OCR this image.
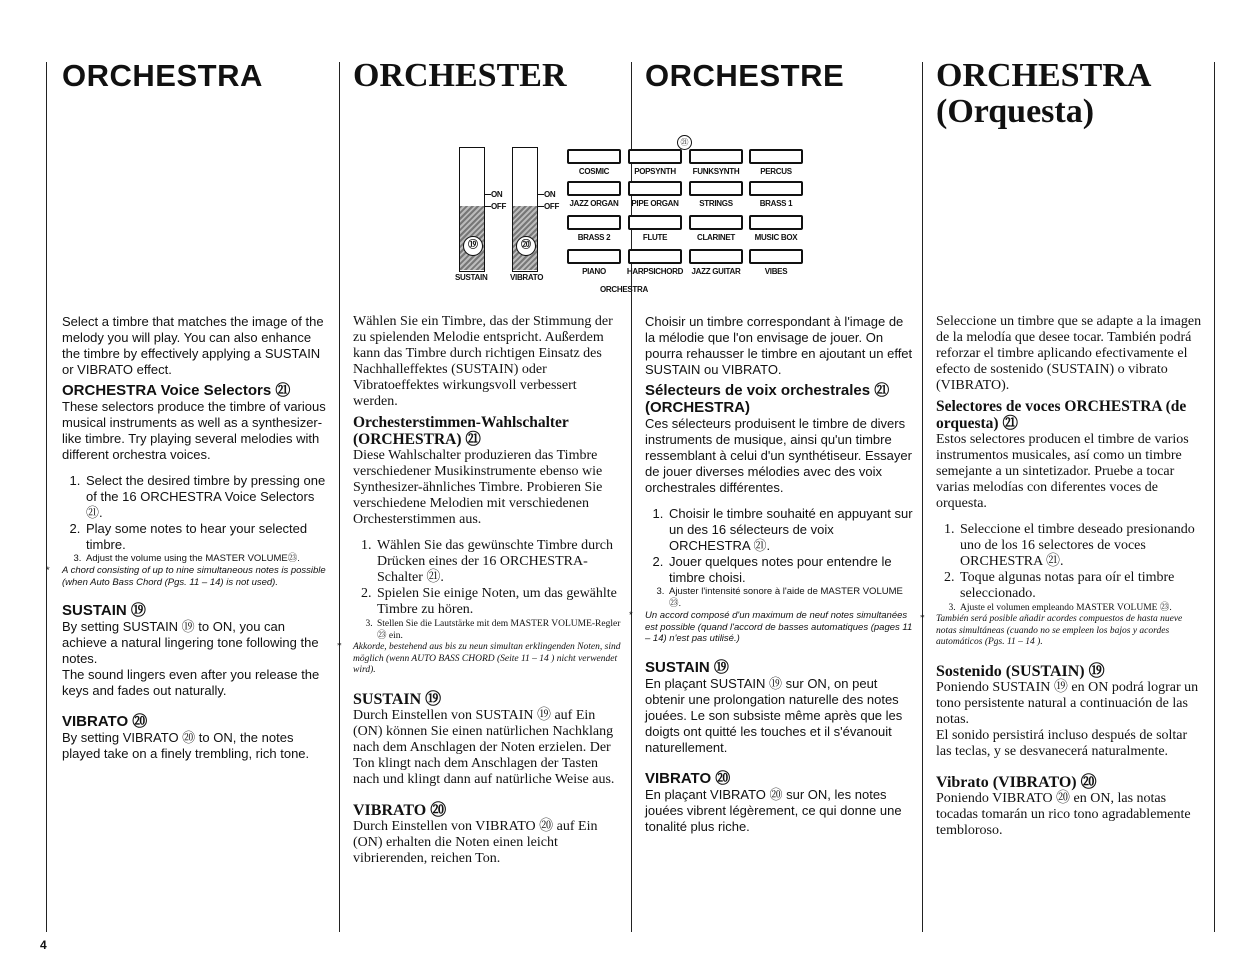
ORCHESTRA	ORCHESTER	ORCHESTRE	ORCHESTRA
(Orquesta)
㉑
⑲
ON
OFF
⑳
ON
OFF
SUSTAIN	VIBRATO
COSMIC	POPSYNTH	FUNKSYNTH	PERCUS
JAZZ ORGAN	PIPE ORGAN	STRINGS	BRASS 1
BRASS 2	FLUTE	CLARINET	MUSIC BOX
PIANO	HARPSICHORD	JAZZ GUITAR	VIBES
ORCHESTRA

Select a timbre that matches the image of the melody you will play. You can also enhance the timbre by effectively applying a SUSTAIN or VIBRATO effect.

ORCHESTRA Voice Selectors ㉑

These selectors produce the timbre of various musical instruments as well as a synthesizer-like timbre. Try playing several melodies with different orchestra voices.

1. Select the desired timbre by pressing one of the 16 ORCHESTRA Voice Selectors ㉑.
2. Play some notes to hear your selected timbre.
3. Adjust the volume using the MASTER VOLUME㉓.

* A chord consisting of up to nine simultaneous notes is possible (when Auto Bass Chord (Pgs. 11 – 14) is not used).

SUSTAIN ⑲

By setting SUSTAIN ⑲ to ON, you can achieve a natural lingering tone following the notes.

The sound lingers even after you release the keys and fades out naturally.

VIBRATO ⑳

By setting VIBRATO ⑳ to ON, the notes played take on a finely trembling, rich tone.

Wählen Sie ein Timbre, das der Stimmung der zu spielenden Melodie entspricht. Außerdem kann das Timbre durch richtigen Einsatz des Nachhalleffektes (SUSTAIN) oder Vibratoeffektes wirkungsvoll verbessert werden.

Orchesterstimmen-Wahlschalter (ORCHESTRA) ㉑

Diese Wahlschalter produzieren das Timbre verschiedener Musikinstrumente ebenso wie Synthesizer-ähnliches Timbre. Probieren Sie verschiedene Melodien mit verschiedenen Orchesterstimmen aus.

1. Wählen Sie das gewünschte Timbre durch Drücken eines der 16 ORCHESTRA-Schalter ㉑.
2. Spielen Sie einige Noten, um das gewählte Timbre zu hören.
3. Stellen Sie die Lautstärke mit dem MASTER VOLUME-Regler ㉓ ein.

* Akkorde, bestehend aus bis zu neun simultan erklingenden Noten, sind möglich (wenn AUTO BASS CHORD (Seite 11 – 14 ) nicht verwendet wird).

SUSTAIN ⑲

Durch Einstellen von SUSTAIN ⑲ auf Ein (ON) können Sie einen natürlichen Nachklang nach dem Anschlagen der Noten erzielen. Der Ton klingt nach dem Anschlagen der Tasten nach und klingt dann auf natürliche Weise aus.

VIBRATO ⑳

Durch Einstellen von VIBRATO ⑳ auf Ein (ON) erhalten die Noten einen leicht vibrierenden, reichen Ton.

Choisir un timbre correspondant à l'image de la mélodie que l'on envisage de jouer. On pourra rehausser le timbre en ajoutant un effet SUSTAIN ou VIBRATO.

Sélecteurs de voix orchestrales ㉑ (ORCHESTRA)

Ces sélecteurs produisent le timbre de divers instruments de musique, ainsi qu'un timbre ressemblant à celui d'un synthétiseur. Essayer de jouer diverses mélodies avec des voix orchestrales différentes.

1. Choisir le timbre souhaité en appuyant sur un des 16 sélecteurs de voix ORCHESTRA ㉑.
2. Jouer quelques notes pour entendre le timbre choisi.
3. Ajuster l'intensité sonore à l'aide de MASTER VOLUME ㉓.

* Un accord composé d'un maximum de neuf notes simultanées est possible (quand l'accord de basses automatiques (pages 11 – 14) n'est pas utilisé.)

SUSTAIN ⑲

En plaçant SUSTAIN ⑲ sur ON, on peut obtenir une prolongation naturelle des notes jouées. Le son subsiste même après que les doigts ont quitté les touches et il s'évanouit naturellement.

VIBRATO ⑳

En plaçant VIBRATO ⑳ sur ON, les notes jouées vibrent légèrement, ce qui donne une tonalité plus riche.

Seleccione un timbre que se adapte a la imagen de la melodía que desee tocar. También podrá reforzar el timbre aplicando efectivamente el efecto de sostenido (SUSTAIN) o vibrato (VIBRATO).

Selectores de voces ORCHESTRA (de orquesta) ㉑

Estos selectores producen el timbre de varios instrumentos musicales, así como un timbre semejante a un sintetizador. Pruebe a tocar varias melodías con diferentes voces de orquesta.

1. Seleccione el timbre deseado presionando uno de los 16 selectores de voces ORCHESTRA ㉑.
2. Toque algunas notas para oír el timbre seleccionado.
3. Ajuste el volumen empleando MASTER VOLUME ㉓.

* También será posible añadir acordes compuestos de hasta nueve notas simultáneas (cuando no se empleen los bajos y acordes automáticos (Pgs. 11 – 14 ).

Sostenido (SUSTAIN) ⑲

Poniendo SUSTAIN ⑲ en ON podrá lograr un tono persistente natural a continuación de las notas.

El sonido persistirá incluso después de soltar las teclas, y se desvanecerá naturalmente.

Vibrato (VIBRATO) ⑳

Poniendo VIBRATO ⑳ en ON, las notas tocadas tomarán un rico tono agradablemente tembloroso.

4
